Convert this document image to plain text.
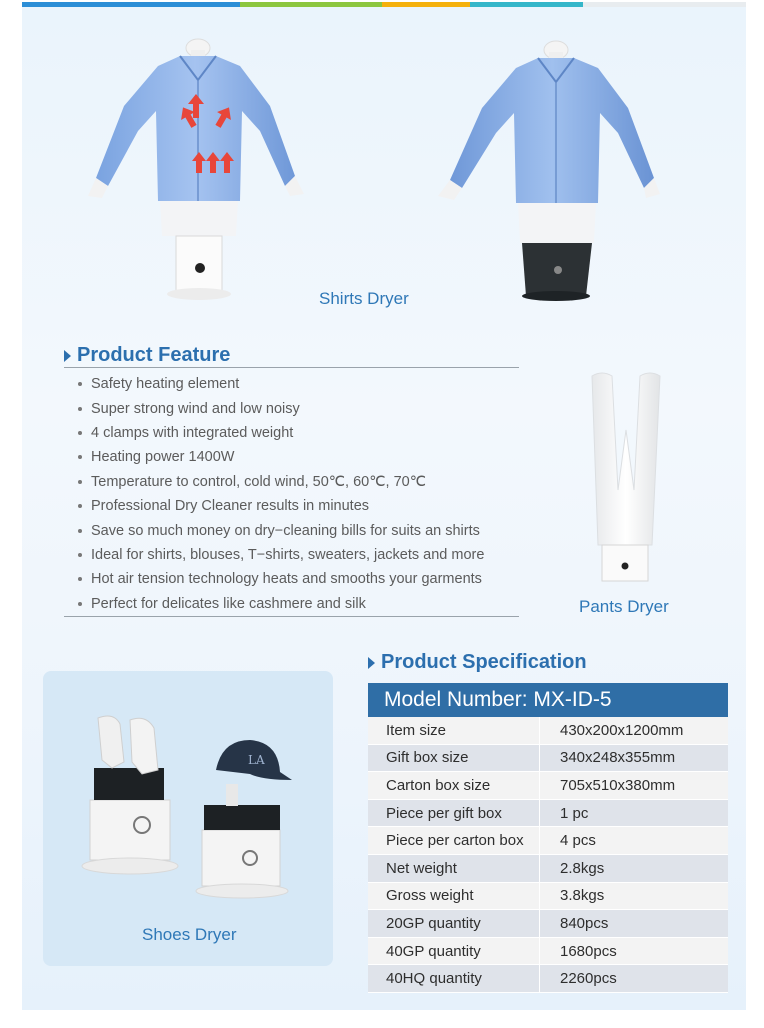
Shirts Dryer
Product Feature
Safety heating element
Super strong wind and low noisy
4 clamps with integrated weight
Heating power 1400W
Temperature to control, cold wind, 50℃, 60℃, 70℃
Professional Dry Cleaner results in minutes
Save so much money on dry−cleaning bills for suits an shirts
Ideal for shirts, blouses, T−shirts, sweaters, jackets and more
Hot air tension technology heats and smooths your garments
Perfect for delicates like cashmere and silk	Pants Dryer
LA
Shoes Dryer
Product Specification
Model Number: MX-ID-5
Item size	430x200x1200mm
Gift box size	340x248x355mm
Carton box size	705x510x380mm
Piece per gift box	1 pc
Piece per carton box	4 pcs
Net weight	2.8kgs
Gross weight	3.8kgs
20GP quantity	840pcs
40GP quantity	1680pcs
40HQ quantity	2260pcs
